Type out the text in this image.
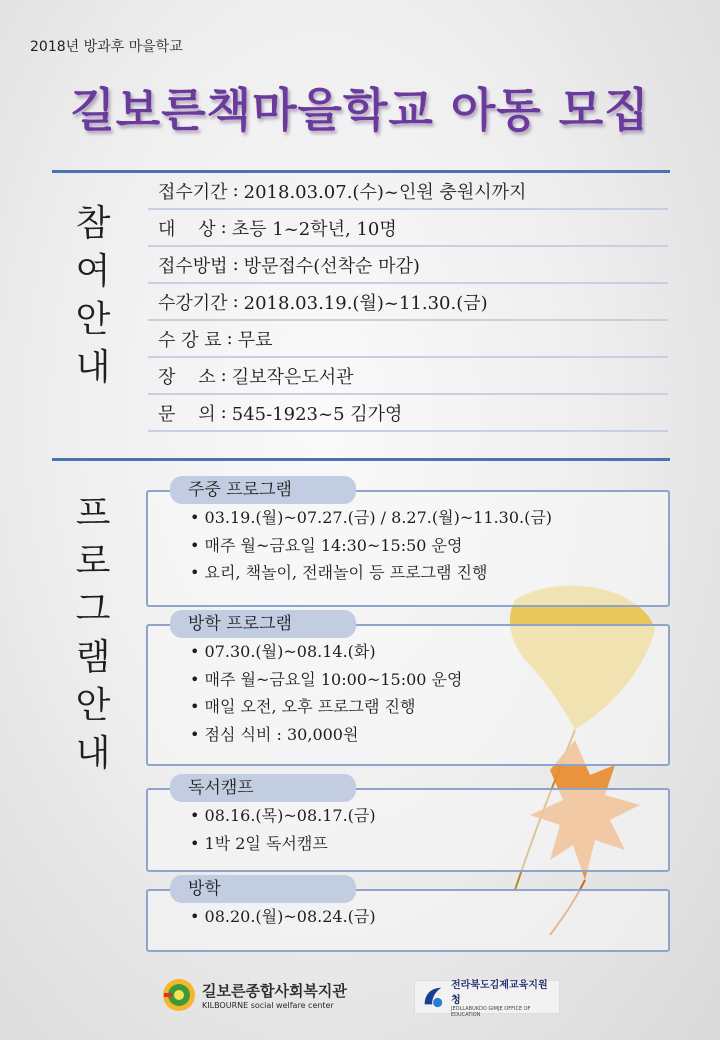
2018년 방과후 마을학교
길보른책마을학교 아동 모집
참
여
안
내
접수기간 : 2018.03.07.(수)~인원 충원시까지
대    상 : 초등 1~2학년, 10명
접수방법 : 방문접수(선착순 마감)
수강기간 : 2018.03.19.(월)~11.30.(금)
수 강 료 : 무료
장    소 : 길보작은도서관
문    의 : 545-1923~5 김가영
프
로
그
램
안
내
주중 프로그램
• 03.19.(월)~07.27.(금) / 8.27.(월)~11.30.(금)
• 매주 월~금요일 14:30~15:50 운영
• 요리, 책놀이, 전래놀이 등 프로그램 진행
방학 프로그램
• 07.30.(월)~08.14.(화)
• 매주 월~금요일 10:00~15:00 운영
• 매일 오전, 오후 프로그램 진행
• 점심 식비 : 30,000원
독서캠프
• 08.16.(목)~08.17.(금)
• 1박 2일 독서캠프
방학
• 08.20.(월)~08.24.(금)
길보른종합사회복지관
KILBOURNE social welfare center
전라북도김제교육지원청
JEOLLABUKDO GIMJE OFFICE OF EDUCATION
